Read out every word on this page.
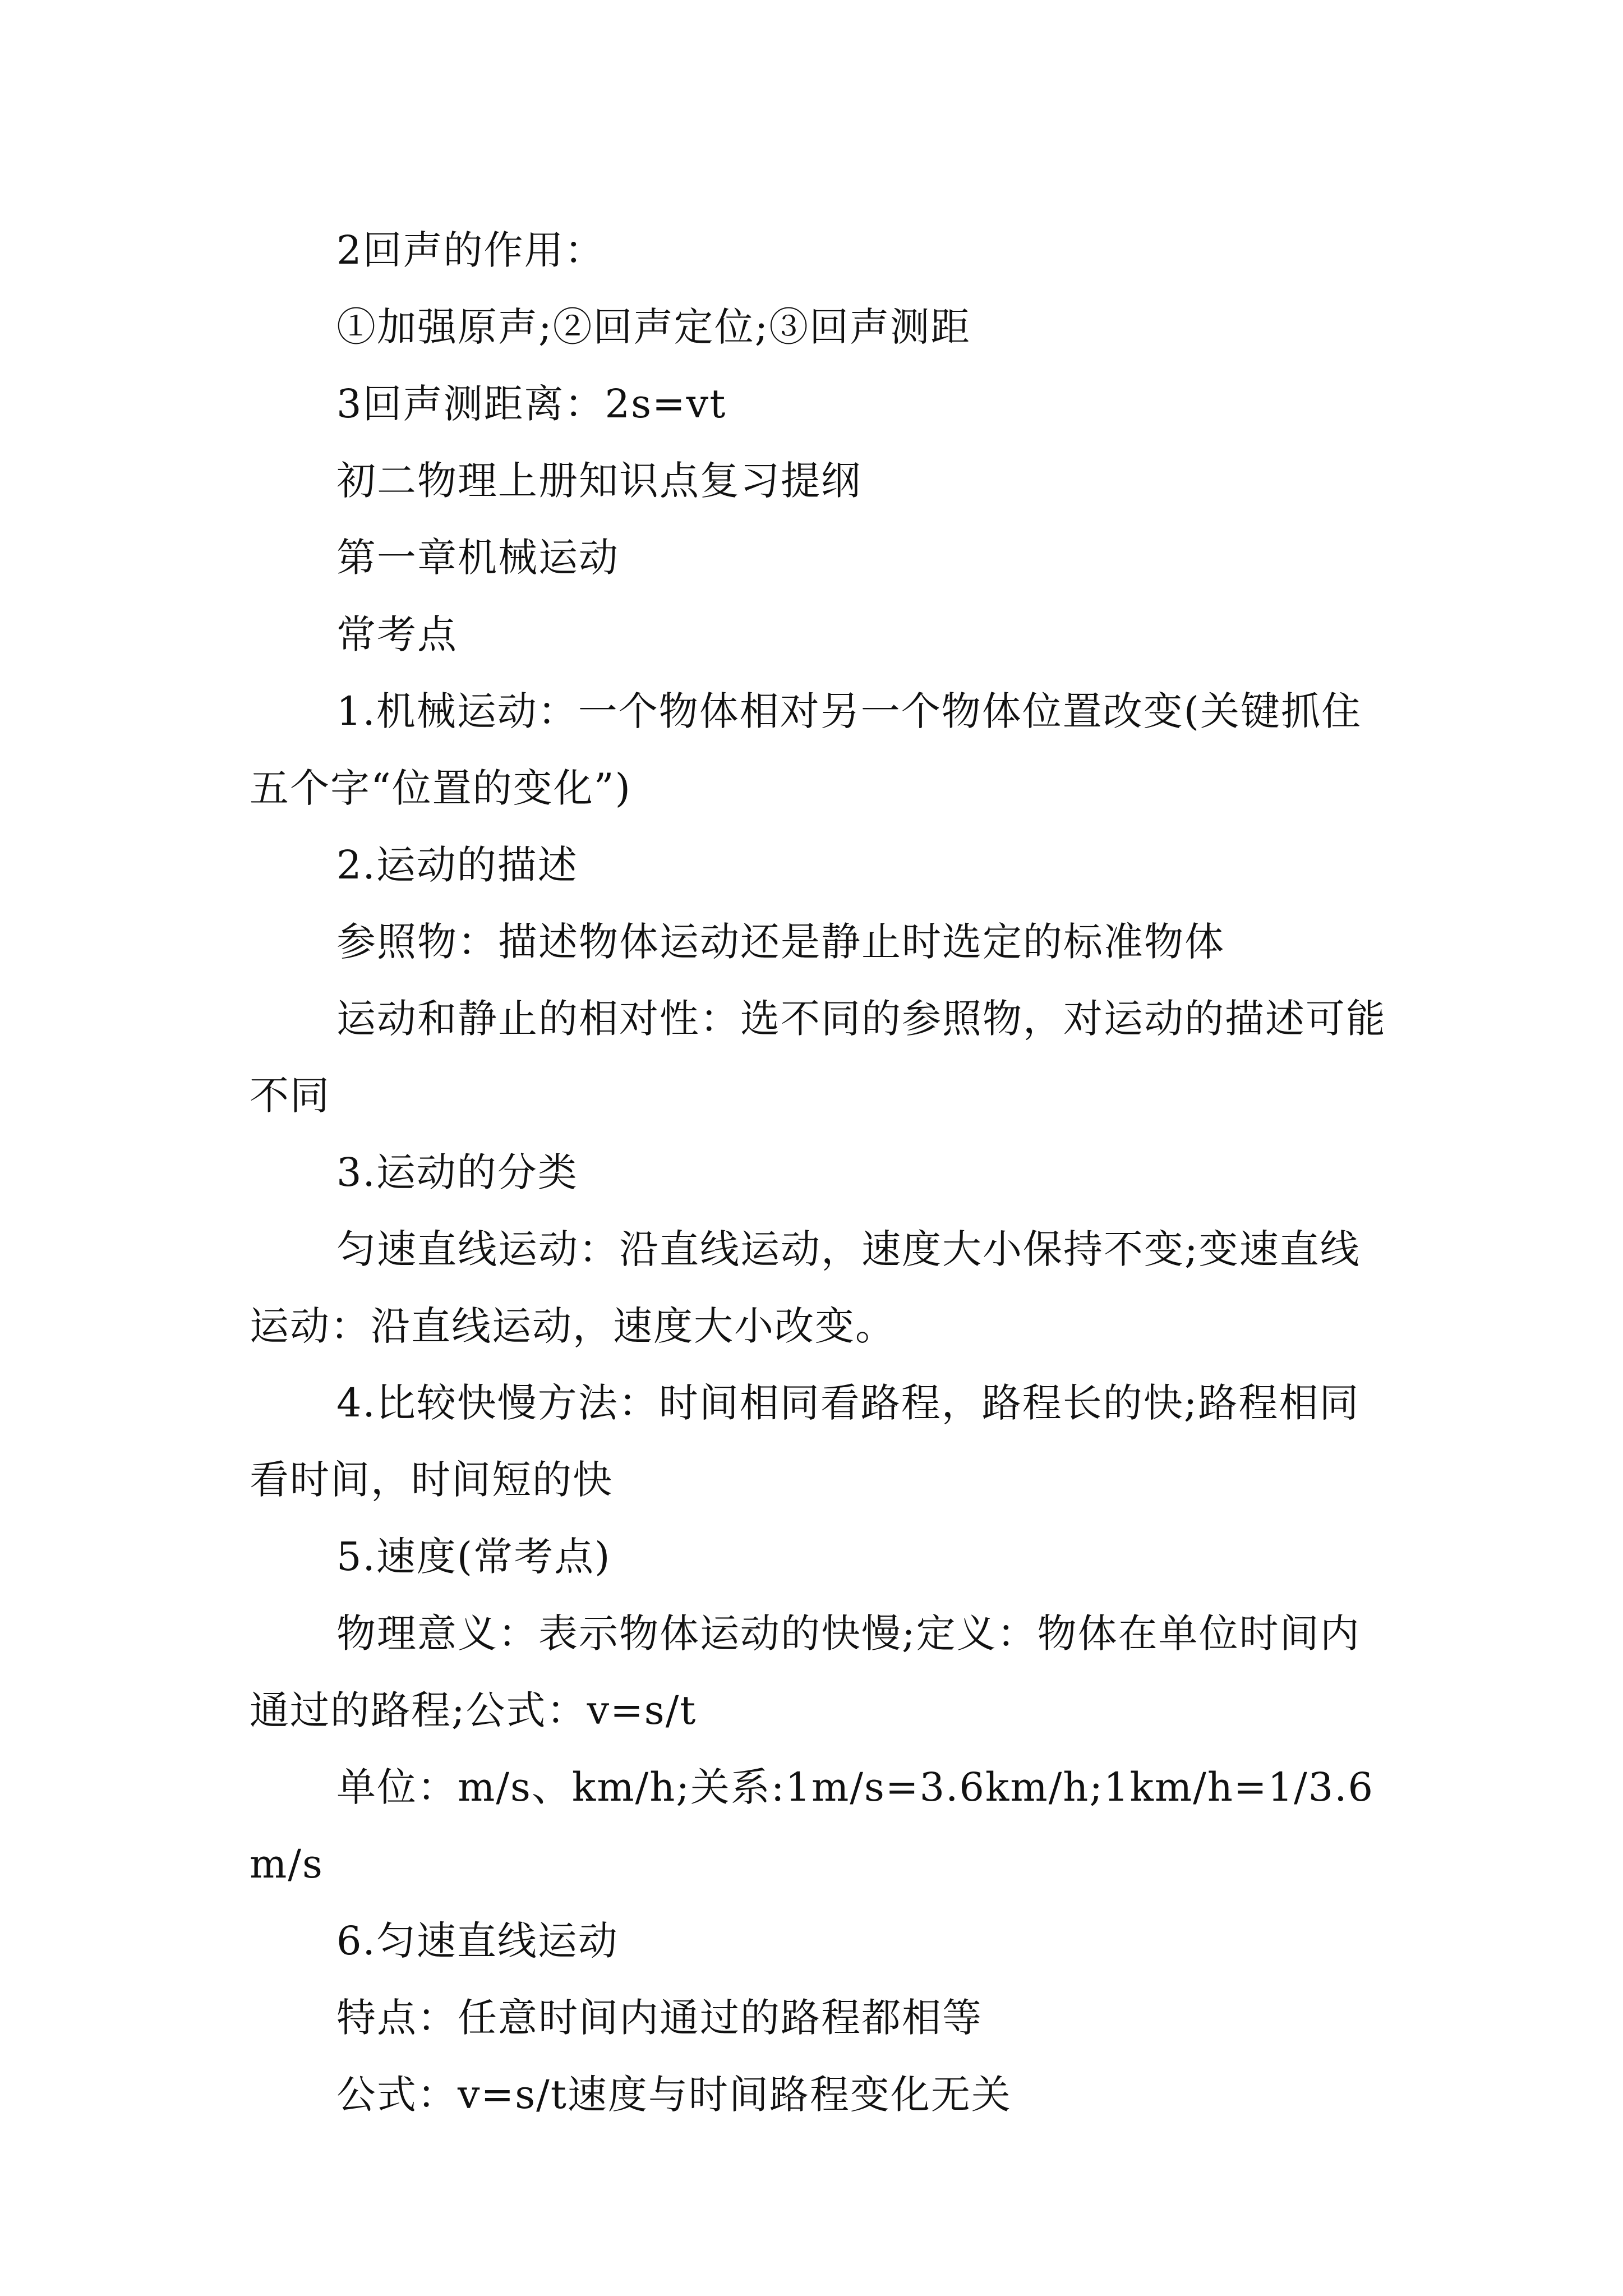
2回声的作用：

①加强原声;②回声定位;③回声测距

3回声测距离：2s=vt

初二物理上册知识点复习提纲

第一章机械运动

常考点

1.机械运动：一个物体相对另一个物体位置改变(关键抓住五个字“位置的变化”)

2.运动的描述

参照物：描述物体运动还是静止时选定的标准物体

运动和静止的相对性：选不同的参照物，对运动的描述可能不同

3.运动的分类

匀速直线运动：沿直线运动，速度大小保持不变;变速直线运动：沿直线运动，速度大小改变。

4.比较快慢方法：时间相同看路程，路程长的快;路程相同看时间，时间短的快

5.速度(常考点)

物理意义：表示物体运动的快慢;定义：物体在单位时间内通过的路程;公式：v=s/t

单位：m/s、km/h;关系:1m/s=3.6km/h;1km/h=1/3.6m/s

6.匀速直线运动

特点：任意时间内通过的路程都相等

公式：v=s/t速度与时间路程变化无关
